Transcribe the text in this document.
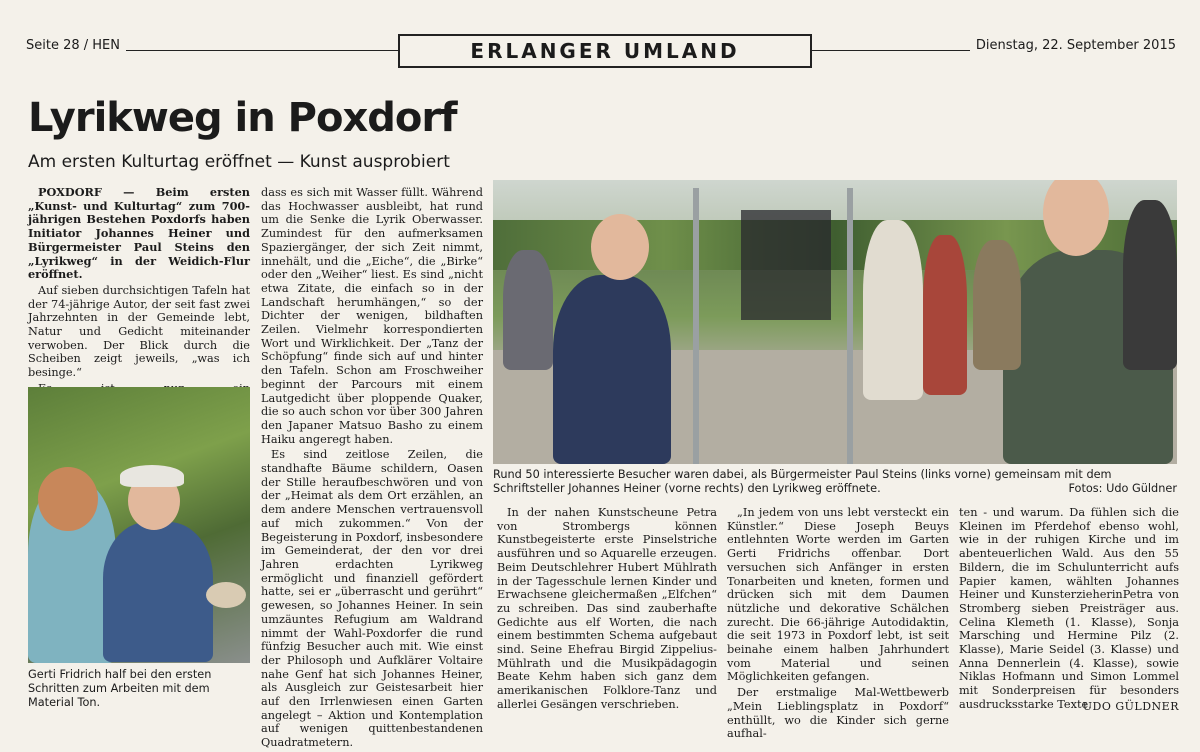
Seite 28 / HEN	ERLANGER UMLAND	Dienstag, 22. September 2015
Lyrikweg in Poxdorf
Am ersten Kulturtag eröffnet — Kunst ausprobiert

POXDORF — Beim ersten „Kunst- und Kulturtag“ zum 700-jährigen Bestehen Poxdorfs haben Initiator Johannes Heiner und Bürgermeister Paul Steins den „Lyrikweg“ in der Weidich-Flur eröffnet.

Auf sieben durchsichtigen Tafeln hat der 74-jährige Autor, der seit fast zwei Jahrzehnten in der Gemeinde lebt, Natur und Gedicht miteinander verwoben. Der Blick durch die Scheiben zeigt jeweils, „was ich besinge.“

Gerti Fridrich half bei den ersten Schritten zum Arbeiten mit dem Material Ton.

dass es sich mit Wasser füllt. Während das Hochwasser ausbleibt, hat rund um die Senke die Lyrik Oberwasser. Zumindest für den aufmerksamen Spaziergänger, der sich Zeit nimmt, innehält, und die „Eiche“, die „Birke“ oder den „Weiher“ liest. Es sind „nicht etwa Zitate, die einfach so in der Landschaft herumhängen,“ so der Dichter der wenigen, bildhaften Zeilen. Vielmehr korrespondierten Wort und Wirklichkeit. Der „Tanz der Schöpfung“ finde sich auf und hinter den Tafeln. Schon am Froschweiher beginnt der Parcours mit einem Lautgedicht über ploppende Quaker, die so auch schon vor über 300 Jahren den Japaner Matsuo Basho zu einem Haiku angeregt haben.

Es sind zeitlose Zeilen, die standhafte Bäume schildern, Oasen der Stille heraufbeschwören und von der „Heimat als dem Ort erzählen, an dem andere Menschen vertrauensvoll auf mich zukommen.“ Von der Begeisterung in Poxdorf, insbesondere im Gemeinderat, der den vor drei Jahren erdachten Lyrikweg ermöglicht und finanziell gefördert hatte, sei er „überrascht und gerührt“ gewesen, so Johannes Heiner. In sein umzäuntes Refugium am Waldrand nimmt der Wahl-Poxdorfer die rund fünfzig Besucher auch mit. Wie einst der Philosoph und Aufklärer Voltaire nahe Genf hat sich Johannes Heiner, als Ausgleich zur Geistesarbeit hier auf den Irrlenwiesen einen Garten angelegt – Aktion und Kontemplation auf wenigen quittenbestandenen Quadratmetern.

Rund 50 interessierte Besucher waren dabei, als Bürgermeister Paul Steins (links vorne) gemeinsam mit dem Schriftsteller Johannes Heiner (vorne rechts) den Lyrikweg eröffnete.	Fotos: Udo Güldner

In der nahen Kunstscheune Petra von Strombergs können Kunstbegeisterte erste Pinselstriche ausführen und so Aquarelle erzeugen. Beim Deutschlehrer Hubert Mühlrath in der Tagesschule lernen Kinder und Erwachsene gleichermaßen „Elfchen“ zu schreiben. Das sind zauberhafte Gedichte aus elf Worten, die nach einem bestimmten Schema aufgebaut sind. Seine Ehefrau Birgid Zippelius-Mühlrath und die Musikpädagogin Beate Kehm haben sich ganz dem amerikanischen Folklore-Tanz und allerlei Gesängen verschrieben.

„In jedem von uns lebt versteckt ein Künstler.“ Diese Joseph Beuys entlehnten Worte werden im Garten Gerti Fridrichs offenbar. Dort versuchen sich Anfänger in ersten Tonarbeiten und kneten, formen und drücken sich mit dem Daumen nützliche und dekorative Schälchen zurecht. Die 66-jährige Autodidaktin, die seit 1973 in Poxdorf lebt, ist seit beinahe einem halben Jahrhundert vom Material und seinen Möglichkeiten gefangen.

Der erstmalige Mal-Wettbewerb „Mein Lieblingsplatz in Poxdorf“ enthüllt, wo die Kinder sich gerne aufhal-

ten - und warum. Da fühlen sich die Kleinen im Pferdehof ebenso wohl, wie in der ruhigen Kirche und im abenteuerlichen Wald. Aus den 55 Bildern, die im Schulunterricht aufs Papier kamen, wählten Johannes Heiner und KunsterzieherinPetra von Stromberg sieben Preisträger aus. Celina Klemeth (1. Klasse), Sonja Marsching und Hermine Pilz (2. Klasse), Marie Seidel (3. Klasse) und Anna Dennerlein (4. Klasse), sowie Niklas Hofmann und Simon Lommel mit Sonderpreisen für besonders ausdrucksstarke Texte.

UDO GÜLDNER
